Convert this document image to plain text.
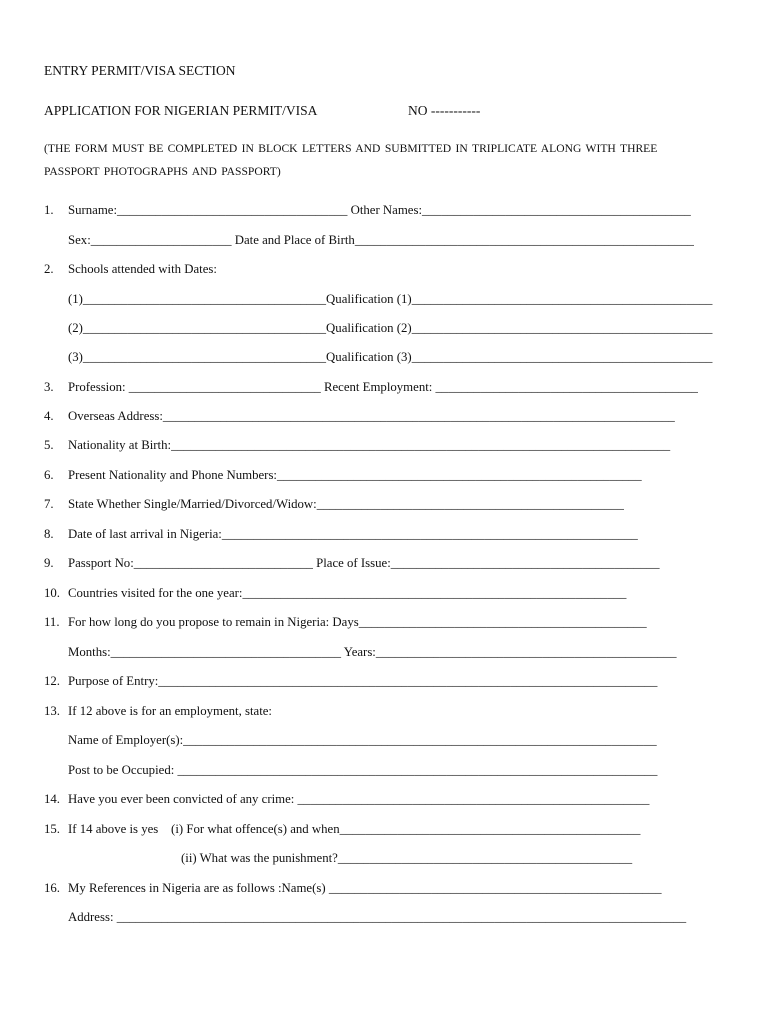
ENTRY PERMIT/VISA SECTION
APPLICATION FOR NIGERIAN PERMIT/VISA	NO -----------
(THE FORM MUST BE COMPLETED IN BLOCK LETTERS AND SUBMITTED IN TRIPLICATE ALONG WITH THREE
PASSPORT PHOTOGRAPHS AND PASSPORT)
1. Surname:____________________________________ Other Names:__________________________________________
Sex:______________________ Date and Place of Birth_____________________________________________________
2. Schools attended with Dates:
(1)______________________________________Qualification (1)_______________________________________________
(2)______________________________________Qualification (2)_______________________________________________
(3)______________________________________Qualification (3)_______________________________________________
3. Profession: ______________________________ Recent Employment: _________________________________________
4. Overseas Address:________________________________________________________________________________
5. Nationality at Birth:______________________________________________________________________________
6. Present Nationality and Phone Numbers:_________________________________________________________
7. State Whether Single/Married/Divorced/Widow:________________________________________________
8. Date of last arrival in Nigeria:_________________________________________________________________
9. Passport No:____________________________ Place of Issue:__________________________________________
10. Countries visited for the one year:____________________________________________________________
11. For how long do you propose to remain in Nigeria: Days_____________________________________________
Months:____________________________________ Years:_______________________________________________
12. Purpose of Entry:______________________________________________________________________________
13. If 12 above is for an employment, state:
Name of Employer(s):__________________________________________________________________________
Post to be Occupied: ___________________________________________________________________________
14. Have you ever been convicted of any crime: _______________________________________________________
15. If 14 above is yes    (i) For what offence(s) and when_______________________________________________
(ii) What was the punishment?______________________________________________
16. My References in Nigeria are as follows :Name(s) ____________________________________________________
Address: _________________________________________________________________________________________
